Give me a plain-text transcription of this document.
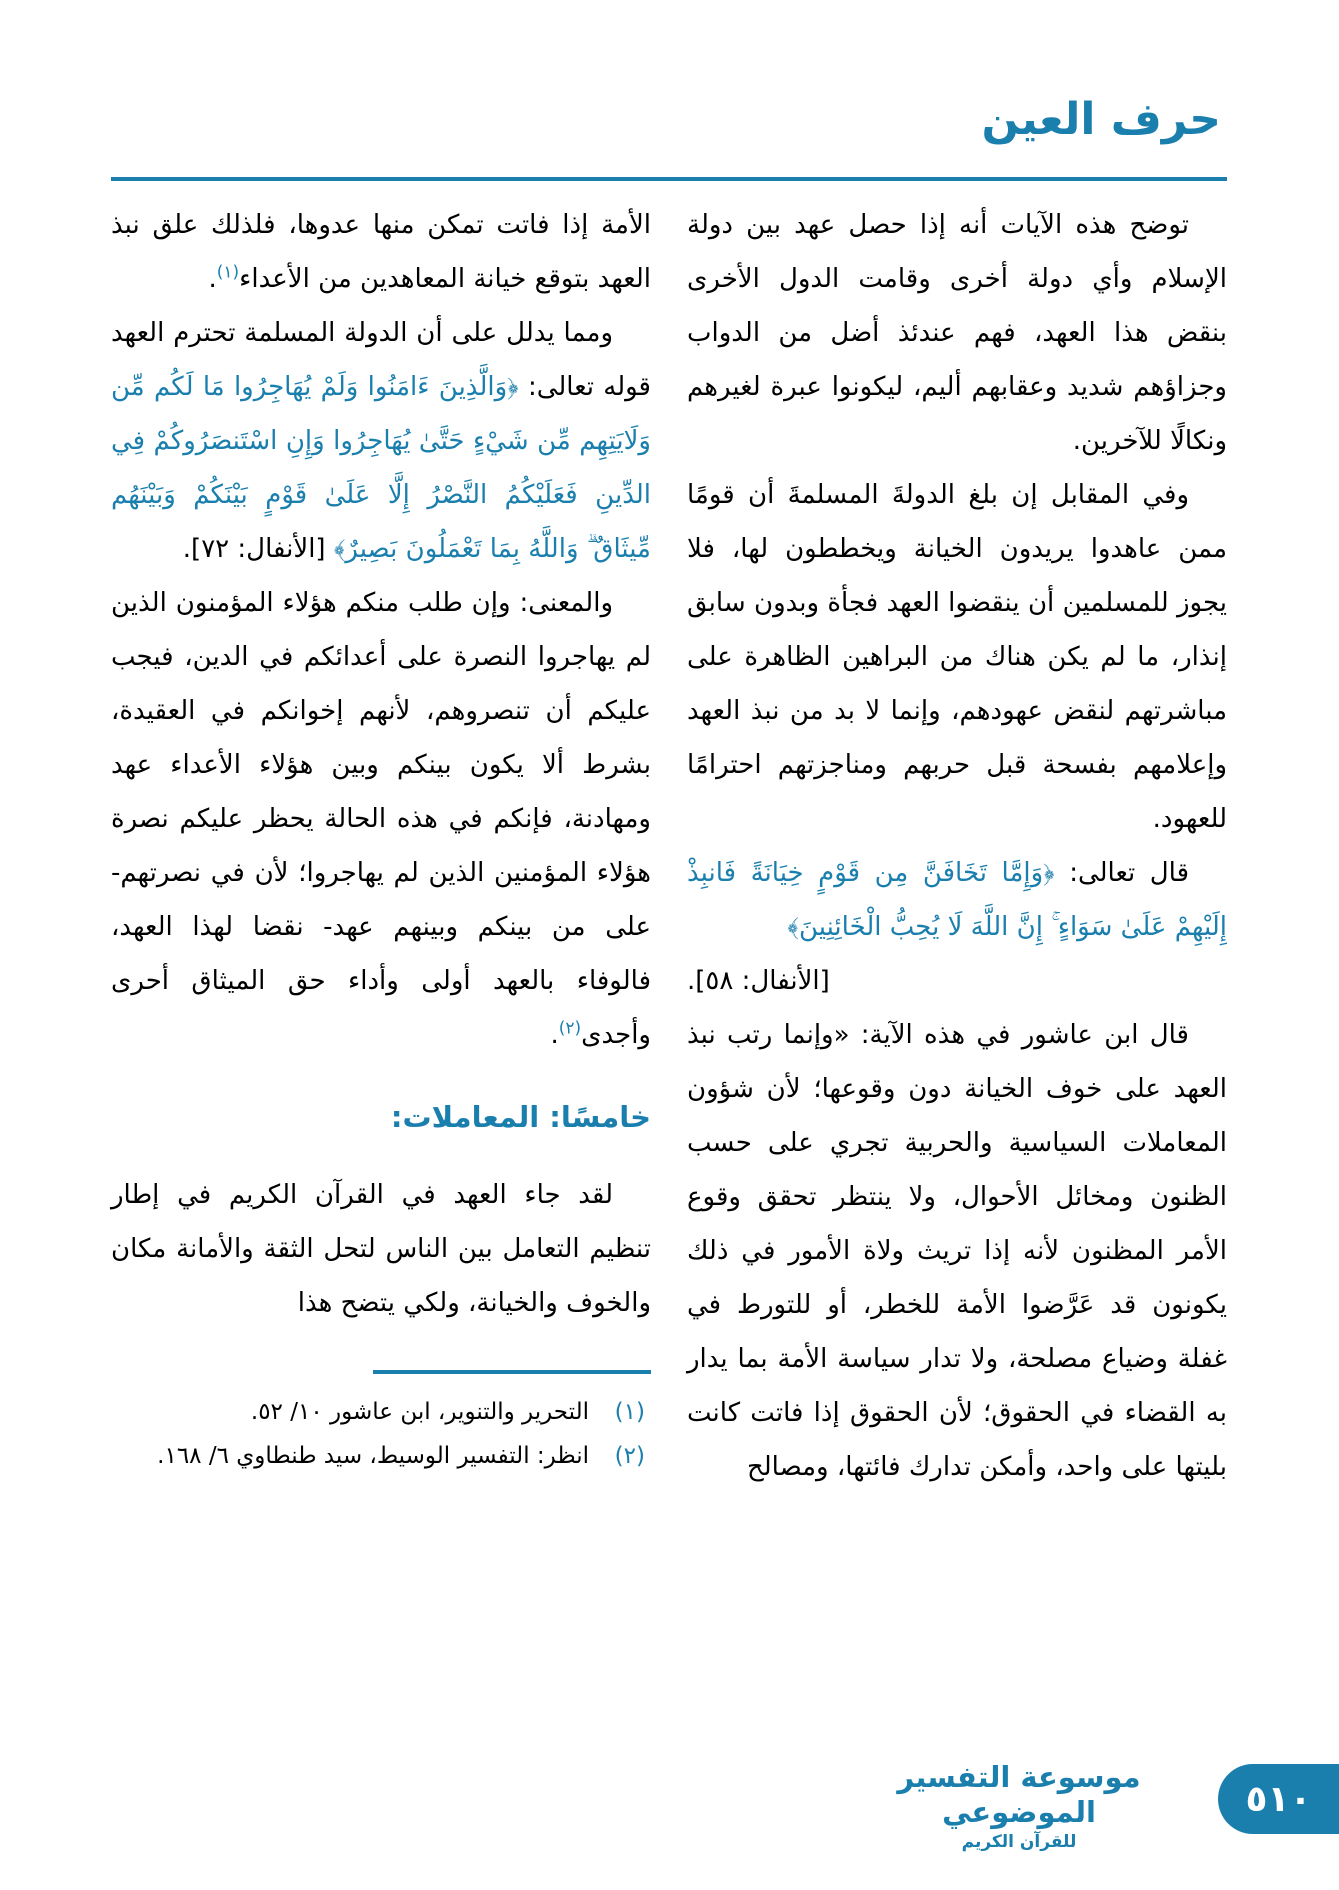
حرف العين

توضح هذه الآيات أنه إذا حصل عهد بين دولة الإسلام وأي دولة أخرى وقامت الدول الأخرى بنقض هذا العهد، فهم عندئذ أضل من الدواب وجزاؤهم شديد وعقابهم أليم، ليكونوا عبرة لغيرهم ونكالًا للآخرين.

وفي المقابل إن بلغ الدولةَ المسلمةَ أن قومًا ممن عاهدوا يريدون الخيانة ويخططون لها، فلا يجوز للمسلمين أن ينقضوا العهد فجأة وبدون سابق إنذار، ما لم يكن هناك من البراهين الظاهرة على مباشرتهم لنقض عهودهم، وإنما لا بد من نبذ العهد وإعلامهم بفسحة قبل حربهم ومناجزتهم احترامًا للعهود.

قال تعالى: ﴿وَإِمَّا تَخَافَنَّ مِن قَوْمٍ خِيَانَةً فَانبِذْ إِلَيْهِمْ عَلَىٰ سَوَاءٍ ۚ إِنَّ اللَّهَ لَا يُحِبُّ الْخَائِنِينَ﴾

[الأنفال: ٥٨].

قال ابن عاشور في هذه الآية: «وإنما رتب نبذ العهد على خوف الخيانة دون وقوعها؛ لأن شؤون المعاملات السياسية والحربية تجري على حسب الظنون ومخائل الأحوال، ولا ينتظر تحقق وقوع الأمر المظنون لأنه إذا تريث ولاة الأمور في ذلك يكونون قد عَرَّضوا الأمة للخطر، أو للتورط في غفلة وضياع مصلحة، ولا تدار سياسة الأمة بما يدار به القضاء في الحقوق؛ لأن الحقوق إذا فاتت كانت بليتها على واحد، وأمكن تدارك فائتها، ومصالح

الأمة إذا فاتت تمكن منها عدوها، فلذلك علق نبذ العهد بتوقع خيانة المعاهدين من الأعداء$^{(١)}$.

ومما يدلل على أن الدولة المسلمة تحترم العهد قوله تعالى: ﴿وَالَّذِينَ ءَامَنُوا وَلَمْ يُهَاجِرُوا مَا لَكُم مِّن وَلَايَتِهِم مِّن شَيْءٍ حَتَّىٰ يُهَاجِرُوا وَإِنِ اسْتَنصَرُوكُمْ فِي الدِّينِ فَعَلَيْكُمُ النَّصْرُ إِلَّا عَلَىٰ قَوْمٍ بَيْنَكُمْ وَبَيْنَهُم مِّيثَاقٌ ۗ وَاللَّهُ بِمَا تَعْمَلُونَ بَصِيرٌ﴾ [الأنفال: ٧٢].

والمعنى: وإن طلب منكم هؤلاء المؤمنون الذين لم يهاجروا النصرة على أعدائكم في الدين، فيجب عليكم أن تنصروهم، لأنهم إخوانكم في العقيدة، بشرط ألا يكون بينكم وبين هؤلاء الأعداء عهد ومهادنة، فإنكم في هذه الحالة يحظر عليكم نصرة هؤلاء المؤمنين الذين لم يهاجروا؛ لأن في نصرتهم- على من بينكم وبينهم عهد- نقضا لهذا العهد، فالوفاء بالعهد أولى وأداء حق الميثاق أحرى وأجدى$^{(٢)}$.

خامسًا: المعاملات:

لقد جاء العهد في القرآن الكريم في إطار تنظيم التعامل بين الناس لتحل الثقة والأمانة مكان والخوف والخيانة، ولكي يتضح هذا

(١)
التحرير والتنوير، ابن عاشور ١٠/ ٥٢.
(٢)
انظر: التفسير الوسيط، سيد طنطاوي ٦/ ١٦٨.
موسوعة التفسير الموضوعي
للقرآن الكريم
٥١٠
